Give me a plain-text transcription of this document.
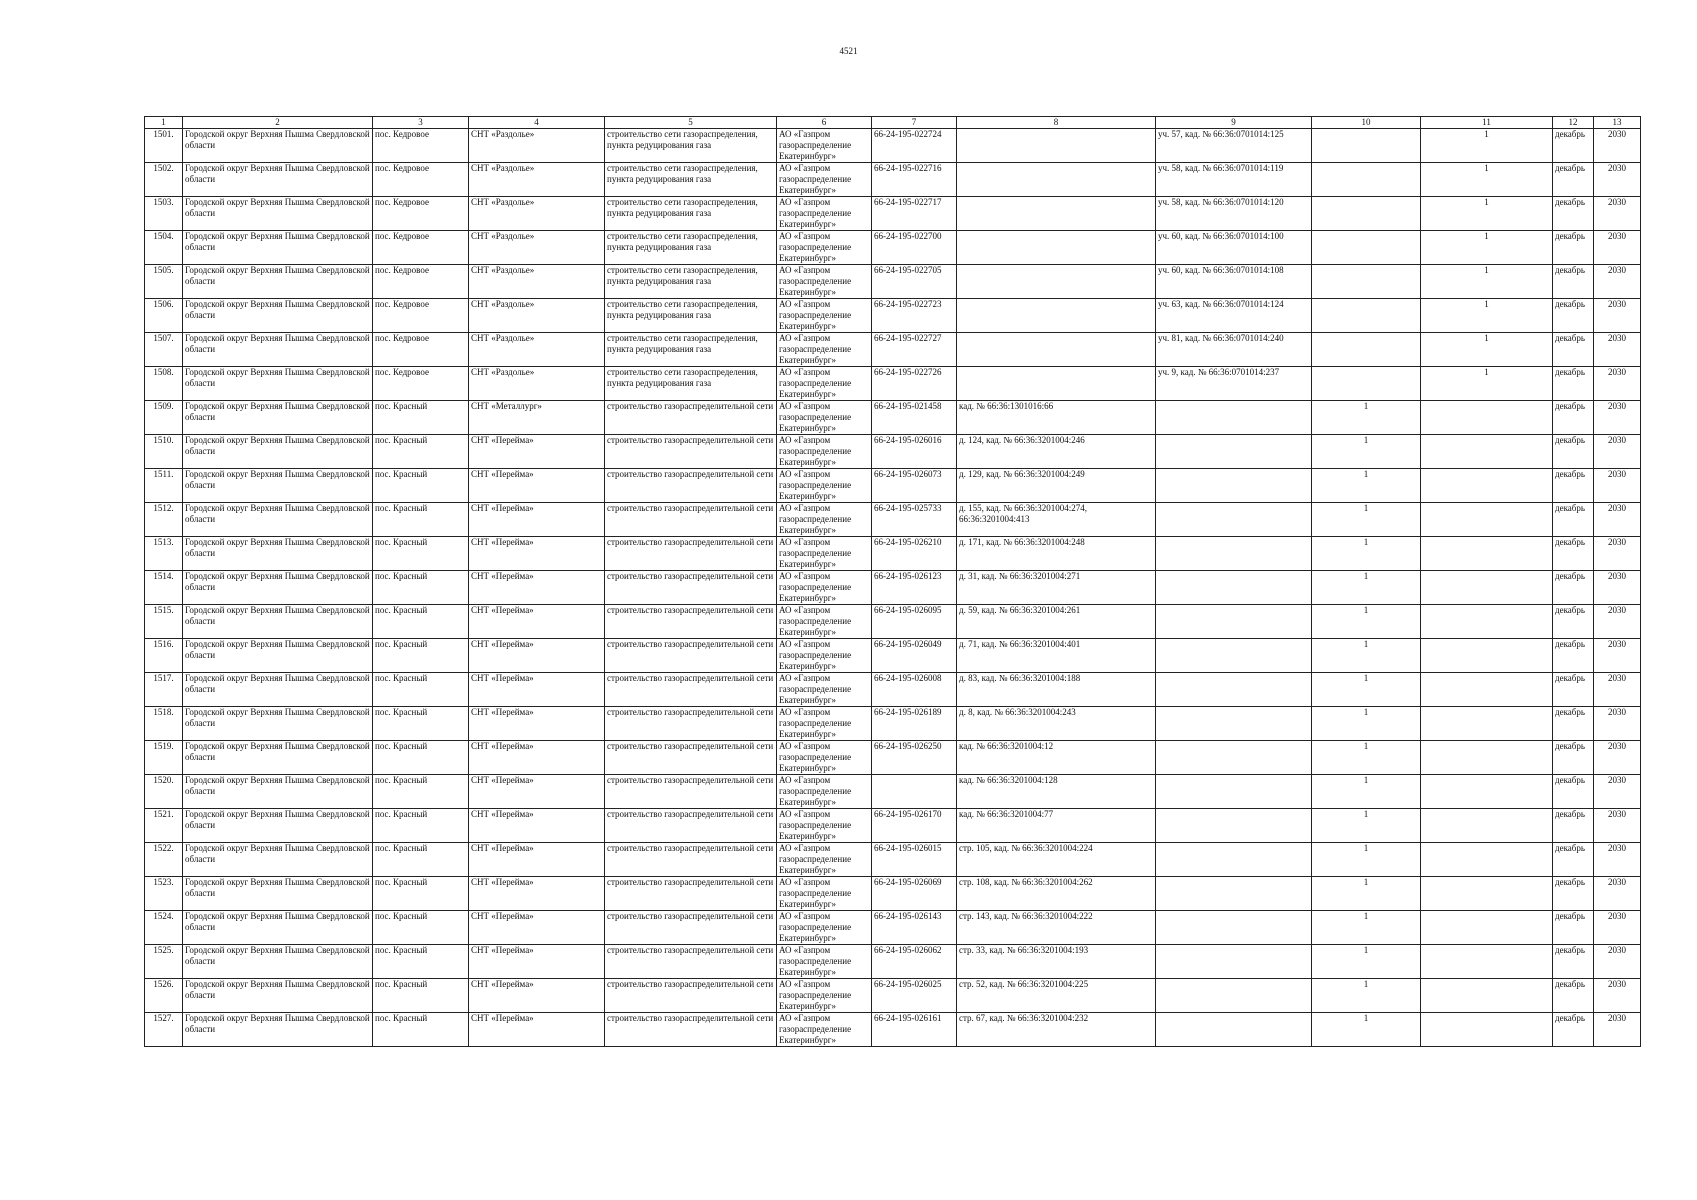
4521
1	2	3	4	5	6	7	8	9	10	11	12	13
1501.	Городской округ Верхняя Пышма Свердловской области	пос. Кедровое	СНТ «Раздолье»	строительство сети газораспределения, пункта редуцирования газа	АО «Газпром газораспределение Екатеринбург»	66-24-195-022724		уч. 57, кад. № 66:36:0701014:125		1	декабрь	2030
1502.	Городской округ Верхняя Пышма Свердловской области	пос. Кедровое	СНТ «Раздолье»	строительство сети газораспределения, пункта редуцирования газа	АО «Газпром газораспределение Екатеринбург»	66-24-195-022716		уч. 58, кад. № 66:36:0701014:119		1	декабрь	2030
1503.	Городской округ Верхняя Пышма Свердловской области	пос. Кедровое	СНТ «Раздолье»	строительство сети газораспределения, пункта редуцирования газа	АО «Газпром газораспределение Екатеринбург»	66-24-195-022717		уч. 58, кад. № 66:36:0701014:120		1	декабрь	2030
1504.	Городской округ Верхняя Пышма Свердловской области	пос. Кедровое	СНТ «Раздолье»	строительство сети газораспределения, пункта редуцирования газа	АО «Газпром газораспределение Екатеринбург»	66-24-195-022700		уч. 60, кад. № 66:36:0701014:100		1	декабрь	2030
1505.	Городской округ Верхняя Пышма Свердловской области	пос. Кедровое	СНТ «Раздолье»	строительство сети газораспределения, пункта редуцирования газа	АО «Газпром газораспределение Екатеринбург»	66-24-195-022705		уч. 60, кад. № 66:36:0701014:108		1	декабрь	2030
1506.	Городской округ Верхняя Пышма Свердловской области	пос. Кедровое	СНТ «Раздолье»	строительство сети газораспределения, пункта редуцирования газа	АО «Газпром газораспределение Екатеринбург»	66-24-195-022723		уч. 63, кад. № 66:36:0701014:124		1	декабрь	2030
1507.	Городской округ Верхняя Пышма Свердловской области	пос. Кедровое	СНТ «Раздолье»	строительство сети газораспределения, пункта редуцирования газа	АО «Газпром газораспределение Екатеринбург»	66-24-195-022727		уч. 81, кад. № 66:36:0701014:240		1	декабрь	2030
1508.	Городской округ Верхняя Пышма Свердловской области	пос. Кедровое	СНТ «Раздолье»	строительство сети газораспределения, пункта редуцирования газа	АО «Газпром газораспределение Екатеринбург»	66-24-195-022726		уч. 9, кад. № 66:36:0701014:237		1	декабрь	2030
1509.	Городской округ Верхняя Пышма Свердловской области	пос. Красный	СНТ «Металлург»	строительство газораспределительной сети	АО «Газпром газораспределение Екатеринбург»	66-24-195-021458	кад. № 66:36:1301016:66		1		декабрь	2030
1510.	Городской округ Верхняя Пышма Свердловской области	пос. Красный	СНТ «Перейма»	строительство газораспределительной сети	АО «Газпром газораспределение Екатеринбург»	66-24-195-026016	д. 124, кад. № 66:36:3201004:246		1		декабрь	2030
1511.	Городской округ Верхняя Пышма Свердловской области	пос. Красный	СНТ «Перейма»	строительство газораспределительной сети	АО «Газпром газораспределение Екатеринбург»	66-24-195-026073	д. 129, кад. № 66:36:3201004:249		1		декабрь	2030
1512.	Городской округ Верхняя Пышма Свердловской области	пос. Красный	СНТ «Перейма»	строительство газораспределительной сети	АО «Газпром газораспределение Екатеринбург»	66-24-195-025733	д. 155, кад. № 66:36:3201004:274, 66:36:3201004:413		1		декабрь	2030
1513.	Городской округ Верхняя Пышма Свердловской области	пос. Красный	СНТ «Перейма»	строительство газораспределительной сети	АО «Газпром газораспределение Екатеринбург»	66-24-195-026210	д. 171, кад. № 66:36:3201004:248		1		декабрь	2030
1514.	Городской округ Верхняя Пышма Свердловской области	пос. Красный	СНТ «Перейма»	строительство газораспределительной сети	АО «Газпром газораспределение Екатеринбург»	66-24-195-026123	д. 31, кад. № 66:36:3201004:271		1		декабрь	2030
1515.	Городской округ Верхняя Пышма Свердловской области	пос. Красный	СНТ «Перейма»	строительство газораспределительной сети	АО «Газпром газораспределение Екатеринбург»	66-24-195-026095	д. 59, кад. № 66:36:3201004:261		1		декабрь	2030
1516.	Городской округ Верхняя Пышма Свердловской области	пос. Красный	СНТ «Перейма»	строительство газораспределительной сети	АО «Газпром газораспределение Екатеринбург»	66-24-195-026049	д. 71, кад. № 66:36:3201004:401		1		декабрь	2030
1517.	Городской округ Верхняя Пышма Свердловской области	пос. Красный	СНТ «Перейма»	строительство газораспределительной сети	АО «Газпром газораспределение Екатеринбург»	66-24-195-026008	д. 83, кад. № 66:36:3201004:188		1		декабрь	2030
1518.	Городской округ Верхняя Пышма Свердловской области	пос. Красный	СНТ «Перейма»	строительство газораспределительной сети	АО «Газпром газораспределение Екатеринбург»	66-24-195-026189	д. 8, кад. № 66:36:3201004:243		1		декабрь	2030
1519.	Городской округ Верхняя Пышма Свердловской области	пос. Красный	СНТ «Перейма»	строительство газораспределительной сети	АО «Газпром газораспределение Екатеринбург»	66-24-195-026250	кад. № 66:36:3201004:12		1		декабрь	2030
1520.	Городской округ Верхняя Пышма Свердловской области	пос. Красный	СНТ «Перейма»	строительство газораспределительной сети	АО «Газпром газораспределение Екатеринбург»		кад. № 66:36:3201004:128		1		декабрь	2030
1521.	Городской округ Верхняя Пышма Свердловской области	пос. Красный	СНТ «Перейма»	строительство газораспределительной сети	АО «Газпром газораспределение Екатеринбург»	66-24-195-026170	кад. № 66:36:3201004:77		1		декабрь	2030
1522.	Городской округ Верхняя Пышма Свердловской области	пос. Красный	СНТ «Перейма»	строительство газораспределительной сети	АО «Газпром газораспределение Екатеринбург»	66-24-195-026015	стр. 105, кад. № 66:36:3201004:224		1		декабрь	2030
1523.	Городской округ Верхняя Пышма Свердловской области	пос. Красный	СНТ «Перейма»	строительство газораспределительной сети	АО «Газпром газораспределение Екатеринбург»	66-24-195-026069	стр. 108, кад. № 66:36:3201004:262		1		декабрь	2030
1524.	Городской округ Верхняя Пышма Свердловской области	пос. Красный	СНТ «Перейма»	строительство газораспределительной сети	АО «Газпром газораспределение Екатеринбург»	66-24-195-026143	стр. 143, кад. № 66:36:3201004:222		1		декабрь	2030
1525.	Городской округ Верхняя Пышма Свердловской области	пос. Красный	СНТ «Перейма»	строительство газораспределительной сети	АО «Газпром газораспределение Екатеринбург»	66-24-195-026062	стр. 33, кад. № 66:36:3201004:193		1		декабрь	2030
1526.	Городской округ Верхняя Пышма Свердловской области	пос. Красный	СНТ «Перейма»	строительство газораспределительной сети	АО «Газпром газораспределение Екатеринбург»	66-24-195-026025	стр. 52, кад. № 66:36:3201004:225		1		декабрь	2030
1527.	Городской округ Верхняя Пышма Свердловской области	пос. Красный	СНТ «Перейма»	строительство газораспределительной сети	АО «Газпром газораспределение Екатеринбург»	66-24-195-026161	стр. 67, кад. № 66:36:3201004:232		1		декабрь	2030
